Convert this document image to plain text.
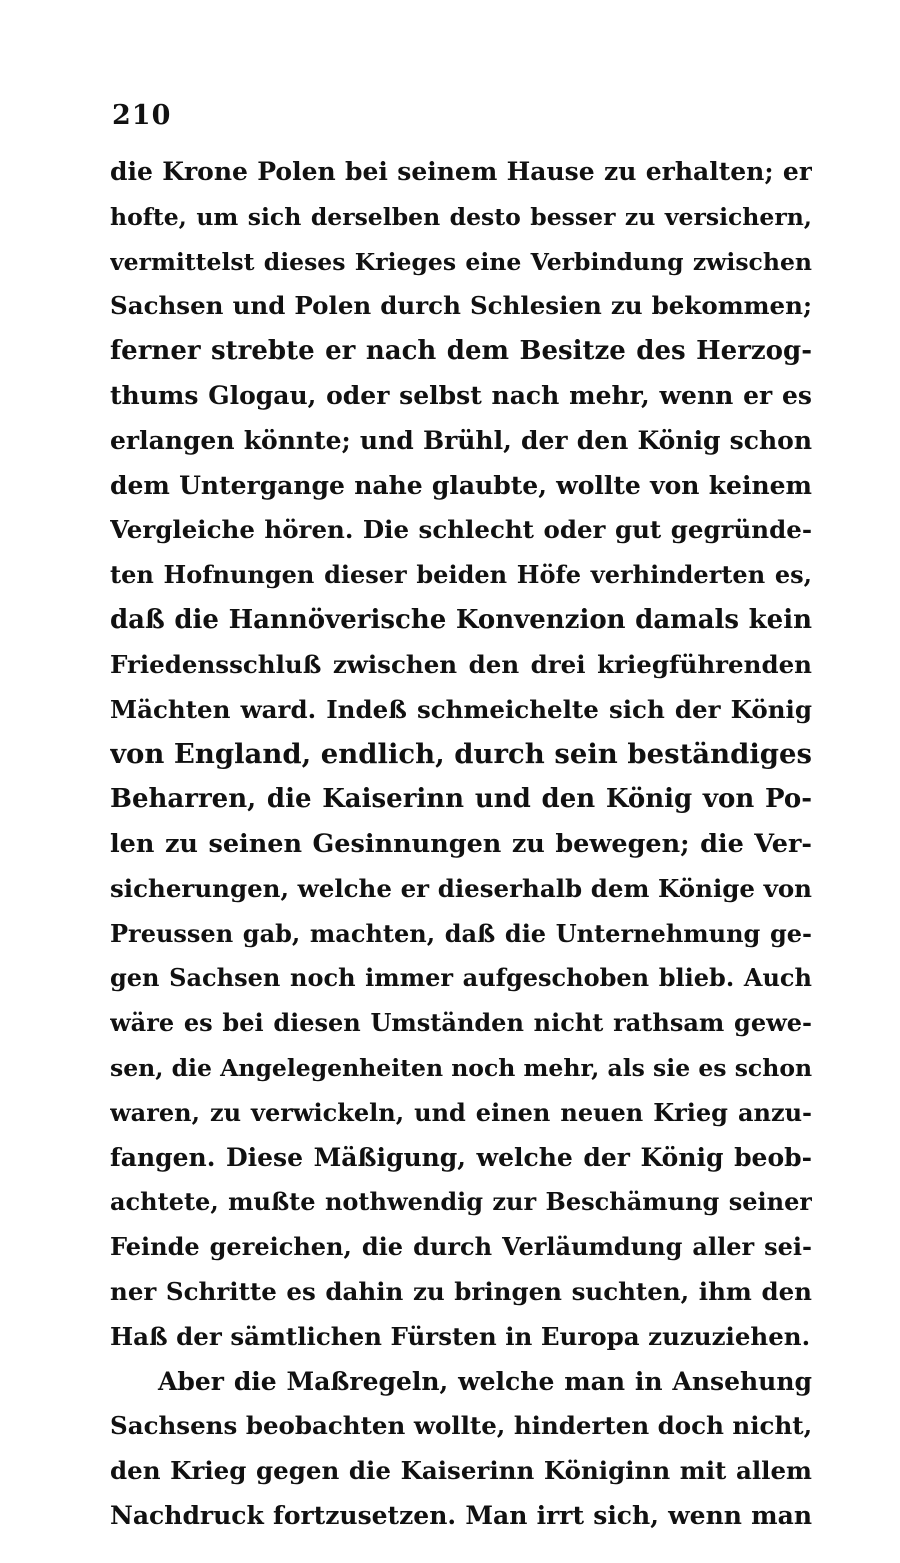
210
die Krone Polen bei seinem Hause zu erhalten; er
hofte, um sich derselben desto besser zu versichern,
vermittelst dieses Krieges eine Verbindung zwischen
Sachsen und Polen durch Schlesien zu bekommen;
ferner strebte er nach dem Besitze des Herzog-
thums Glogau, oder selbst nach mehr, wenn er es
erlangen könnte; und Brühl, der den König schon
dem Untergange nahe glaubte, wollte von keinem
Vergleiche hören. Die schlecht oder gut gegründe-
ten Hofnungen dieser beiden Höfe verhinderten es,
daß die Hannöverische Konvenzion damals kein
Friedensschluß zwischen den drei kriegführenden
Mächten ward. Indeß schmeichelte sich der König
von England, endlich, durch sein beständiges
Beharren, die Kaiserinn und den König von Po-
len zu seinen Gesinnungen zu bewegen; die Ver-
sicherungen, welche er dieserhalb dem Könige von
Preussen gab, machten, daß die Unternehmung ge-
gen Sachsen noch immer aufgeschoben blieb. Auch
wäre es bei diesen Umständen nicht rathsam gewe-
sen, die Angelegenheiten noch mehr, als sie es schon
waren, zu verwickeln, und einen neuen Krieg anzu-
fangen. Diese Mäßigung, welche der König beob-
achtete, mußte nothwendig zur Beschämung seiner
Feinde gereichen, die durch Verläumdung aller sei-
ner Schritte es dahin zu bringen suchten, ihm den
Haß der sämtlichen Fürsten in Europa zuzuziehen.
Aber die Maßregeln, welche man in Ansehung
Sachsens beobachten wollte, hinderten doch nicht,
den Krieg gegen die Kaiserinn Königinn mit allem
Nachdruck fortzusetzen. Man irrt sich, wenn man
